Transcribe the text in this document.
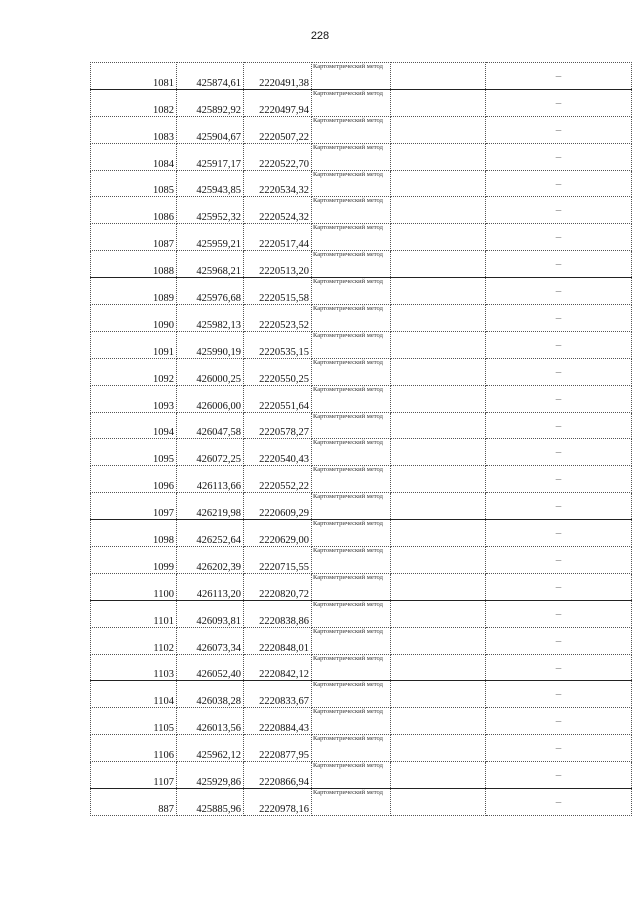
228
1081	425874,61	2220491,38	Картометрический метод		–
1082	425892,92	2220497,94	Картометрический метод		–
1083	425904,67	2220507,22	Картометрический метод		–
1084	425917,17	2220522,70	Картометрический метод		–
1085	425943,85	2220534,32	Картометрический метод		–
1086	425952,32	2220524,32	Картометрический метод		–
1087	425959,21	2220517,44	Картометрический метод		–
1088	425968,21	2220513,20	Картометрический метод		–
1089	425976,68	2220515,58	Картометрический метод		–
1090	425982,13	2220523,52	Картометрический метод		–
1091	425990,19	2220535,15	Картометрический метод		–
1092	426000,25	2220550,25	Картометрический метод		–
1093	426006,00	2220551,64	Картометрический метод		–
1094	426047,58	2220578,27	Картометрический метод		–
1095	426072,25	2220540,43	Картометрический метод		–
1096	426113,66	2220552,22	Картометрический метод		–
1097	426219,98	2220609,29	Картометрический метод		–
1098	426252,64	2220629,00	Картометрический метод		–
1099	426202,39	2220715,55	Картометрический метод		–
1100	426113,20	2220820,72	Картометрический метод		–
1101	426093,81	2220838,86	Картометрический метод		–
1102	426073,34	2220848,01	Картометрический метод		–
1103	426052,40	2220842,12	Картометрический метод		–
1104	426038,28	2220833,67	Картометрический метод		–
1105	426013,56	2220884,43	Картометрический метод		–
1106	425962,12	2220877,95	Картометрический метод		–
1107	425929,86	2220866,94	Картометрический метод		–
887	425885,96	2220978,16	Картометрический метод		–
